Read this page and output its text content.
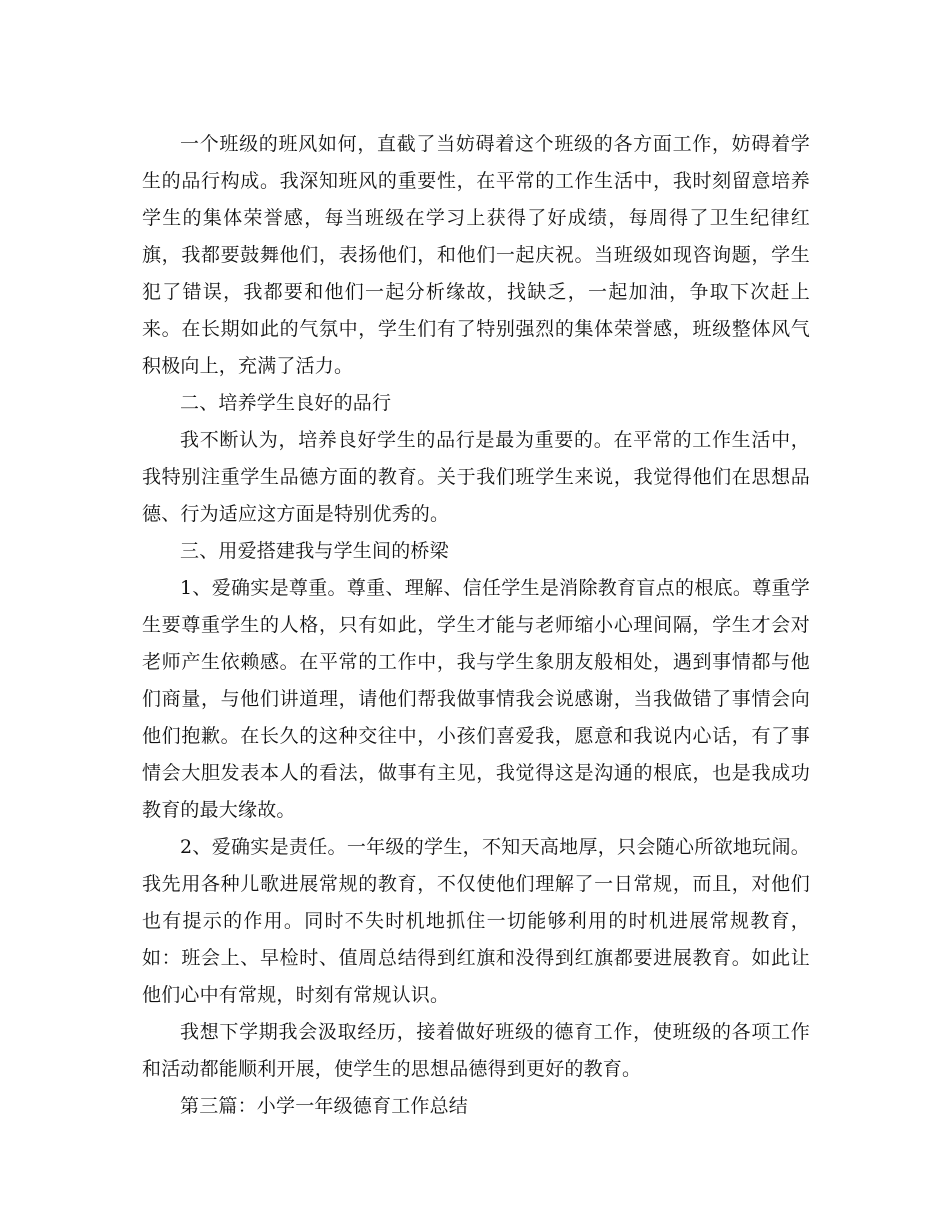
一个班级的班风如何，直截了当妨碍着这个班级的各方面工作，妨碍着学生的品行构成。我深知班风的重要性，在平常的工作生活中，我时刻留意培养学生的集体荣誉感，每当班级在学习上获得了好成绩，每周得了卫生纪律红旗，我都要鼓舞他们，表扬他们，和他们一起庆祝。当班级如现咨询题，学生犯了错误，我都要和他们一起分析缘故，找缺乏，一起加油，争取下次赶上来。在长期如此的气氛中，学生们有了特别强烈的集体荣誉感，班级整体风气积极向上，充满了活力。

二、培养学生良好的品行

我不断认为，培养良好学生的品行是最为重要的。在平常的工作生活中，我特别注重学生品德方面的教育。关于我们班学生来说，我觉得他们在思想品德、行为适应这方面是特别优秀的。

三、用爱搭建我与学生间的桥梁

1、爱确实是尊重。尊重、理解、信任学生是消除教育盲点的根底。尊重学生要尊重学生的人格，只有如此，学生才能与老师缩小心理间隔，学生才会对老师产生依赖感。在平常的工作中，我与学生象朋友般相处，遇到事情都与他们商量，与他们讲道理，请他们帮我做事情我会说感谢，当我做错了事情会向他们抱歉。在长久的这种交往中，小孩们喜爱我，愿意和我说内心话，有了事情会大胆发表本人的看法，做事有主见，我觉得这是沟通的根底，也是我成功教育的最大缘故。

2、爱确实是责任。一年级的学生，不知天高地厚，只会随心所欲地玩闹。我先用各种儿歌进展常规的教育，不仅使他们理解了一日常规，而且，对他们也有提示的作用。同时不失时机地抓住一切能够利用的时机进展常规教育，如：班会上、早检时、值周总结得到红旗和没得到红旗都要进展教育。如此让他们心中有常规，时刻有常规认识。

我想下学期我会汲取经历，接着做好班级的德育工作，使班级的各项工作和活动都能顺利开展，使学生的思想品德得到更好的教育。

第三篇：小学一年级德育工作总结
